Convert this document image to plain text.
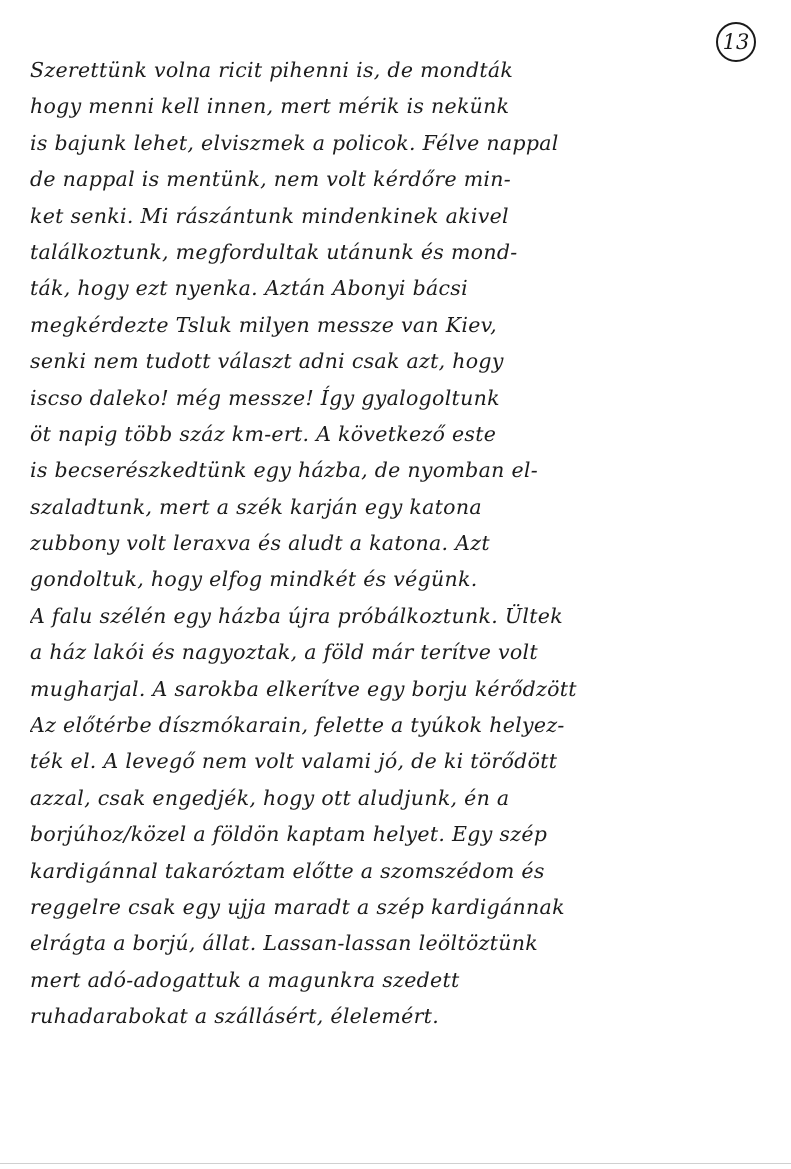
13
Szerettünk volna ricit pihenni is, de mondták
hogy menni kell innen, mert mérik is nekünk
is bajunk lehet, elviszmek a policok. Félve nappal
de nappal is mentünk, nem volt kérdőre min-
ket senki. Mi rászántunk mindenkinek akivel
találkoztunk, megfordultak utánunk és mond-
ták, hogy ezt nyenka. Aztán Abonyi bácsi
megkérdezte Tsluk milyen messze van Kiev,
senki nem tudott választ adni csak azt, hogy
iscso daleko! még messze! Így gyalogoltunk
öt napig több száz km-ert. A következő este
is becserészkedtünk egy házba, de nyomban el-
szaladtunk, mert a szék karján egy katona
zubbony volt leraxva és aludt a katona. Azt
gondoltuk, hogy elfog mindkét és végünk.
A falu szélén egy házba újra próbálkoztunk. Ültek
a ház lakói és nagyoztak, a föld már terítve volt
mugharjal. A sarokba elkerítve egy borju kérődzött
Az előtérbe díszmókarain, felette a tyúkok helyez-
ték el. A levegő nem volt valami jó, de ki törődött
azzal, csak engedjék, hogy ott aludjunk, én a
borjúhoz/közel a földön kaptam helyet. Egy szép
kardigánnal takaróztam előtte a szomszédom és
reggelre csak egy ujja maradt a szép kardigánnak
elrágta a borjú, állat. Lassan-lassan leöltöztünk
mert adó-adogattuk a magunkra szedett
ruhadarabokat a szállásért, élelemért.
